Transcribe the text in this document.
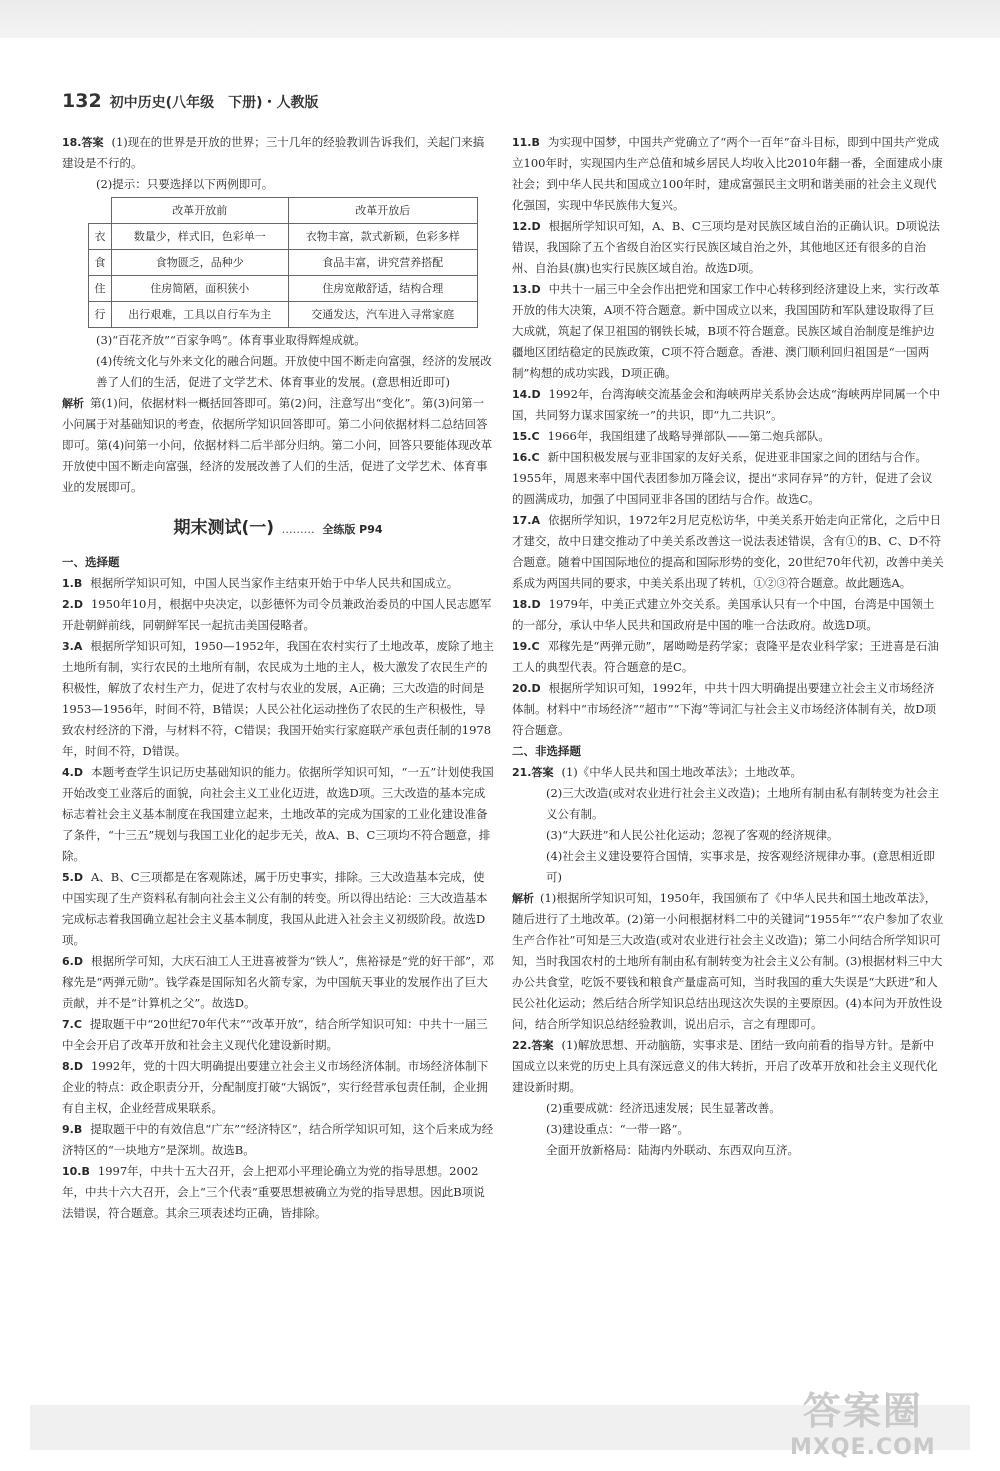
132 初中历史(八年级　下册)・人教版

18.答案 (1)现在的世界是开放的世界；三十几年的经验教训告诉我们，关起门来搞建设是不行的。

(2)提示：只要选择以下两例即可。

	改革开放前	改革开放后
衣	数量少，样式旧，色彩单一	衣物丰富，款式新颖，色彩多样
食	食物匮乏，品种少	食品丰富，讲究营养搭配
住	住房简陋，面积狭小	住房宽敞舒适，结构合理
行	出行艰难，工具以自行车为主	交通发达，汽车进入寻常家庭

(3)“百花齐放”“百家争鸣”。体育事业取得辉煌成就。

(4)传统文化与外来文化的融合问题。开放使中国不断走向富强，经济的发展改善了人们的生活，促进了文学艺术、体育事业的发展。(意思相近即可)

解析 第(1)问，依据材料一概括回答即可。第(2)问，注意写出“变化”。第(3)问第一小问属于对基础知识的考查，依据所学知识回答即可。第二小问依据材料二总结回答即可。第(4)问第一小问，依据材料二后半部分归纳。第二小问，回答只要能体现改革开放使中国不断走向富强，经济的发展改善了人们的生活，促进了文学艺术、体育事业的发展即可。

期末测试(一) ……… 全练版 P94

一、选择题

1.B 根据所学知识可知，中国人民当家作主结束开始于中华人民共和国成立。

2.D 1950年10月，根据中央决定，以彭德怀为司令员兼政治委员的中国人民志愿军开赴朝鲜前线，同朝鲜军民一起抗击美国侵略者。

3.A 根据所学知识可知，1950—1952年，我国在农村实行了土地改革，废除了地主土地所有制，实行农民的土地所有制，农民成为土地的主人，极大激发了农民生产的积极性，解放了农村生产力，促进了农村与农业的发展，A正确；三大改造的时间是1953—1956年，时间不符，B错误；人民公社化运动挫伤了农民的生产积极性，导致农村经济的下滑，与材料不符，C错误；我国开始实行家庭联产承包责任制的1978年，时间不符，D错误。

4.D 本题考查学生识记历史基础知识的能力。依据所学知识可知，“一五”计划使我国开始改变工业落后的面貌，向社会主义工业化迈进，故选D项。三大改造的基本完成标志着社会主义基本制度在我国建立起来，土地改革的完成为国家的工业化建设准备了条件，“十三五”规划与我国工业化的起步无关，故A、B、C三项均不符合题意，排除。

5.D A、B、C三项都是在客观陈述，属于历史事实，排除。三大改造基本完成，使中国实现了生产资料私有制向社会主义公有制的转变。所以得出结论：三大改造基本完成标志着我国确立起社会主义基本制度，我国从此进入社会主义初级阶段。故选D项。

6.D 根据所学可知，大庆石油工人王进喜被誉为“铁人”，焦裕禄是“党的好干部”，邓稼先是“两弹元勋”。钱学森是国际知名火箭专家，为中国航天事业的发展作出了巨大贡献，并不是“计算机之父”。故选D。

7.C 提取题干中“20世纪70年代末”“改革开放”，结合所学知识可知：中共十一届三中全会开启了改革开放和社会主义现代化建设新时期。

8.D 1992年，党的十四大明确提出要建立社会主义市场经济体制。市场经济体制下企业的特点：政企职责分开，分配制度打破“大锅饭”，实行经营承包责任制，企业拥有自主权，企业经营成果联系。

9.B 提取题干中的有效信息“广东”“经济特区”，结合所学知识可知，这个后来成为经济特区的“一块地方”是深圳。故选B。

10.B 1997年，中共十五大召开，会上把邓小平理论确立为党的指导思想。2002年，中共十六大召开，会上“三个代表”重要思想被确立为党的指导思想。因此B项说法错误，符合题意。其余三项表述均正确，皆排除。

11.B 为实现中国梦，中国共产党确立了“两个一百年”奋斗目标，即到中国共产党成立100年时，实现国内生产总值和城乡居民人均收入比2010年翻一番，全面建成小康社会；到中华人民共和国成立100年时，建成富强民主文明和谐美丽的社会主义现代化强国，实现中华民族伟大复兴。

12.D 根据所学知识可知，A、B、C三项均是对民族区域自治的正确认识。D项说法错误，我国除了五个省级自治区实行民族区域自治之外，其他地区还有很多的自治州、自治县(旗)也实行民族区域自治。故选D项。

13.D 中共十一届三中全会作出把党和国家工作中心转移到经济建设上来，实行改革开放的伟大决策，A项不符合题意。新中国成立以来，我国国防和军队建设取得了巨大成就，筑起了保卫祖国的钢铁长城，B项不符合题意。民族区域自治制度是维护边疆地区团结稳定的民族政策，C项不符合题意。香港、澳门顺利回归祖国是“一国两制”构想的成功实践，D项正确。

14.D 1992年，台湾海峡交流基金会和海峡两岸关系协会达成“海峡两岸同属一个中国，共同努力谋求国家统一”的共识，即“九二共识”。

15.C 1966年，我国组建了战略导弹部队——第二炮兵部队。

16.C 新中国积极发展与亚非国家的友好关系，促进亚非国家之间的团结与合作。1955年，周恩来率中国代表团参加万隆会议，提出“求同存异”的方针，促进了会议的圆满成功，加强了中国同亚非各国的团结与合作。故选C。

17.A 依据所学知识，1972年2月尼克松访华，中美关系开始走向正常化，之后中日才建交，故中日建交推动了中美关系改善这一说法表述错误，含有①的B、C、D不符合题意。随着中国国际地位的提高和国际形势的变化，20世纪70年代初，改善中美关系成为两国共同的要求，中美关系出现了转机，①②③符合题意。故此题选A。

18.D 1979年，中美正式建立外交关系。美国承认只有一个中国，台湾是中国领土的一部分，承认中华人民共和国政府是中国的唯一合法政府。故选D项。

19.C 邓稼先是“两弹元勋”，屠呦呦是药学家；袁隆平是农业科学家；王进喜是石油工人的典型代表。符合题意的是C。

20.D 根据所学知识可知，1992年，中共十四大明确提出要建立社会主义市场经济体制。材料中“市场经济”“超市”“下海”等词汇与社会主义市场经济体制有关，故D项符合题意。

二、非选择题

21.答案 (1)《中华人民共和国土地改革法》；土地改革。

(2)三大改造(或对农业进行社会主义改造)；土地所有制由私有制转变为社会主义公有制。

(3)“大跃进”和人民公社化运动；忽视了客观的经济规律。

(4)社会主义建设要符合国情，实事求是，按客观经济规律办事。(意思相近即可)

解析 (1)根据所学知识可知，1950年，我国颁布了《中华人民共和国土地改革法》，随后进行了土地改革。(2)第一小问根据材料二中的关键词“1955年”“农户参加了农业生产合作社”可知是三大改造(或对农业进行社会主义改造)；第二小问结合所学知识可知，当时我国农村的土地所有制由私有制转变为社会主义公有制。(3)根据材料三中大办公共食堂，吃饭不要钱和粮食产量虚高可知，当时我国的重大失误是“大跃进”和人民公社化运动；然后结合所学知识总结出现这次失误的主要原因。(4)本问为开放性设问，结合所学知识总结经验教训，说出启示，言之有理即可。

22.答案 (1)解放思想、开动脑筋，实事求是、团结一致向前看的指导方针。是新中国成立以来党的历史上具有深远意义的伟大转折，开启了改革开放和社会主义现代化建设新时期。

(2)重要成就：经济迅速发展；民生显著改善。

(3)建设重点：“一带一路”。

全面开放新格局：陆海内外联动、东西双向互济。

答案圈
MXQE.COM
